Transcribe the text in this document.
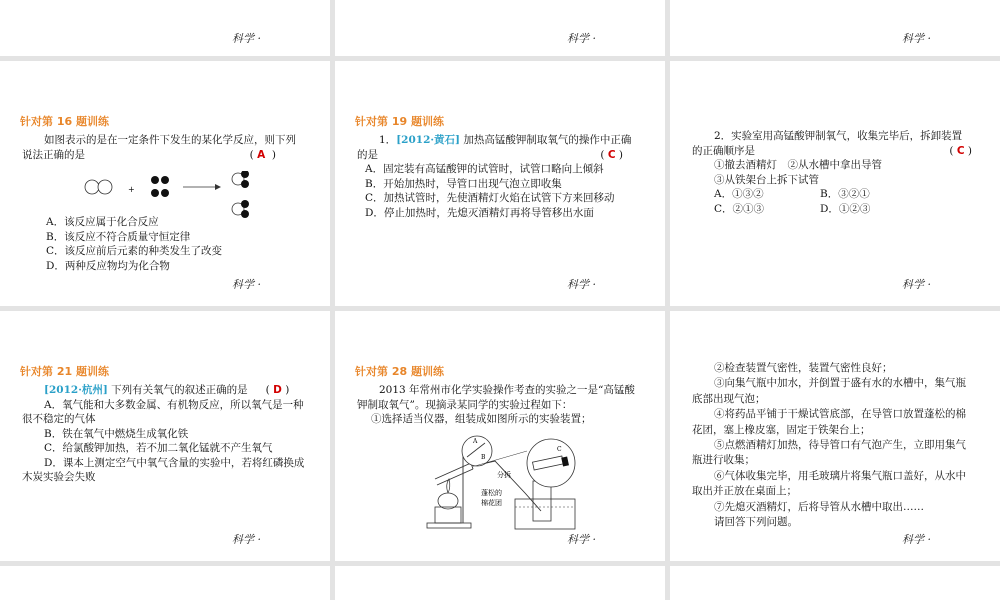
科学 ·	科学 ·	科学 ·
针对第 16 题训练

如图表示的是在一定条件下发生的某化学反应，则下列

说法正确的是	( A )

+

A．该反应属于化合反应

B．该反应不符合质量守恒定律

C．该反应前后元素的种类发生了改变

D．两种反应物均为化合物

科学 ·
针对第 19 题训练

1．[2012·黄石] 加热高锰酸钾制取氧气的操作中正确

的是	( C )

A．固定装有高锰酸钾的试管时，试管口略向上倾斜

B．开始加热时，导管口出现气泡立即收集

C．加热试管时，先使酒精灯火焰在试管下方来回移动

D．停止加热时，先熄灭酒精灯再将导管移出水面

科学 ·

2．实验室用高锰酸钾制氧气，收集完毕后，拆卸装置

的正确顺序是	( C )

①撤去酒精灯　②从水槽中拿出导管

③从铁架台上拆下试管

A．①③②	B．③②①

C．②①③	D．①②③

科学 ·
针对第 21 题训练

[2012·杭州] 下列有关氧气的叙述正确的是 ( D )

A．氧气能和大多数金属、有机物反应，所以氧气是一种

很不稳定的气体

B．铁在氧气中燃烧生成氧化铁

C．给氯酸钾加热，若不加二氧化锰就不产生氧气

D．课本上测定空气中氧气含量的实验中，若将红磷换成

木炭实验会失败

科学 ·
针对第 28 题训练

2013 年常州市化学实验操作考查的实验之一是“高锰酸

钾制取氧气”。现摘录某同学的实验过程如下：

①选择适当仪器，组装成如图所示的实验装置；

A
B
C
分拆
蓬松的
棉花团
科学 ·

②检查装置气密性，装置气密性良好；

③向集气瓶中加水，并倒置于盛有水的水槽中，集气瓶

底部出现气泡；

④将药品平铺于干燥试管底部，在导管口放置蓬松的棉

花团，塞上橡皮塞，固定于铁架台上；

⑤点燃酒精灯加热，待导管口有气泡产生，立即用集气

瓶进行收集；

⑥气体收集完毕，用毛玻璃片将集气瓶口盖好，从水中

取出并正放在桌面上；

⑦先熄灭酒精灯，后将导管从水槽中取出……

请回答下列问题。

科学 ·
